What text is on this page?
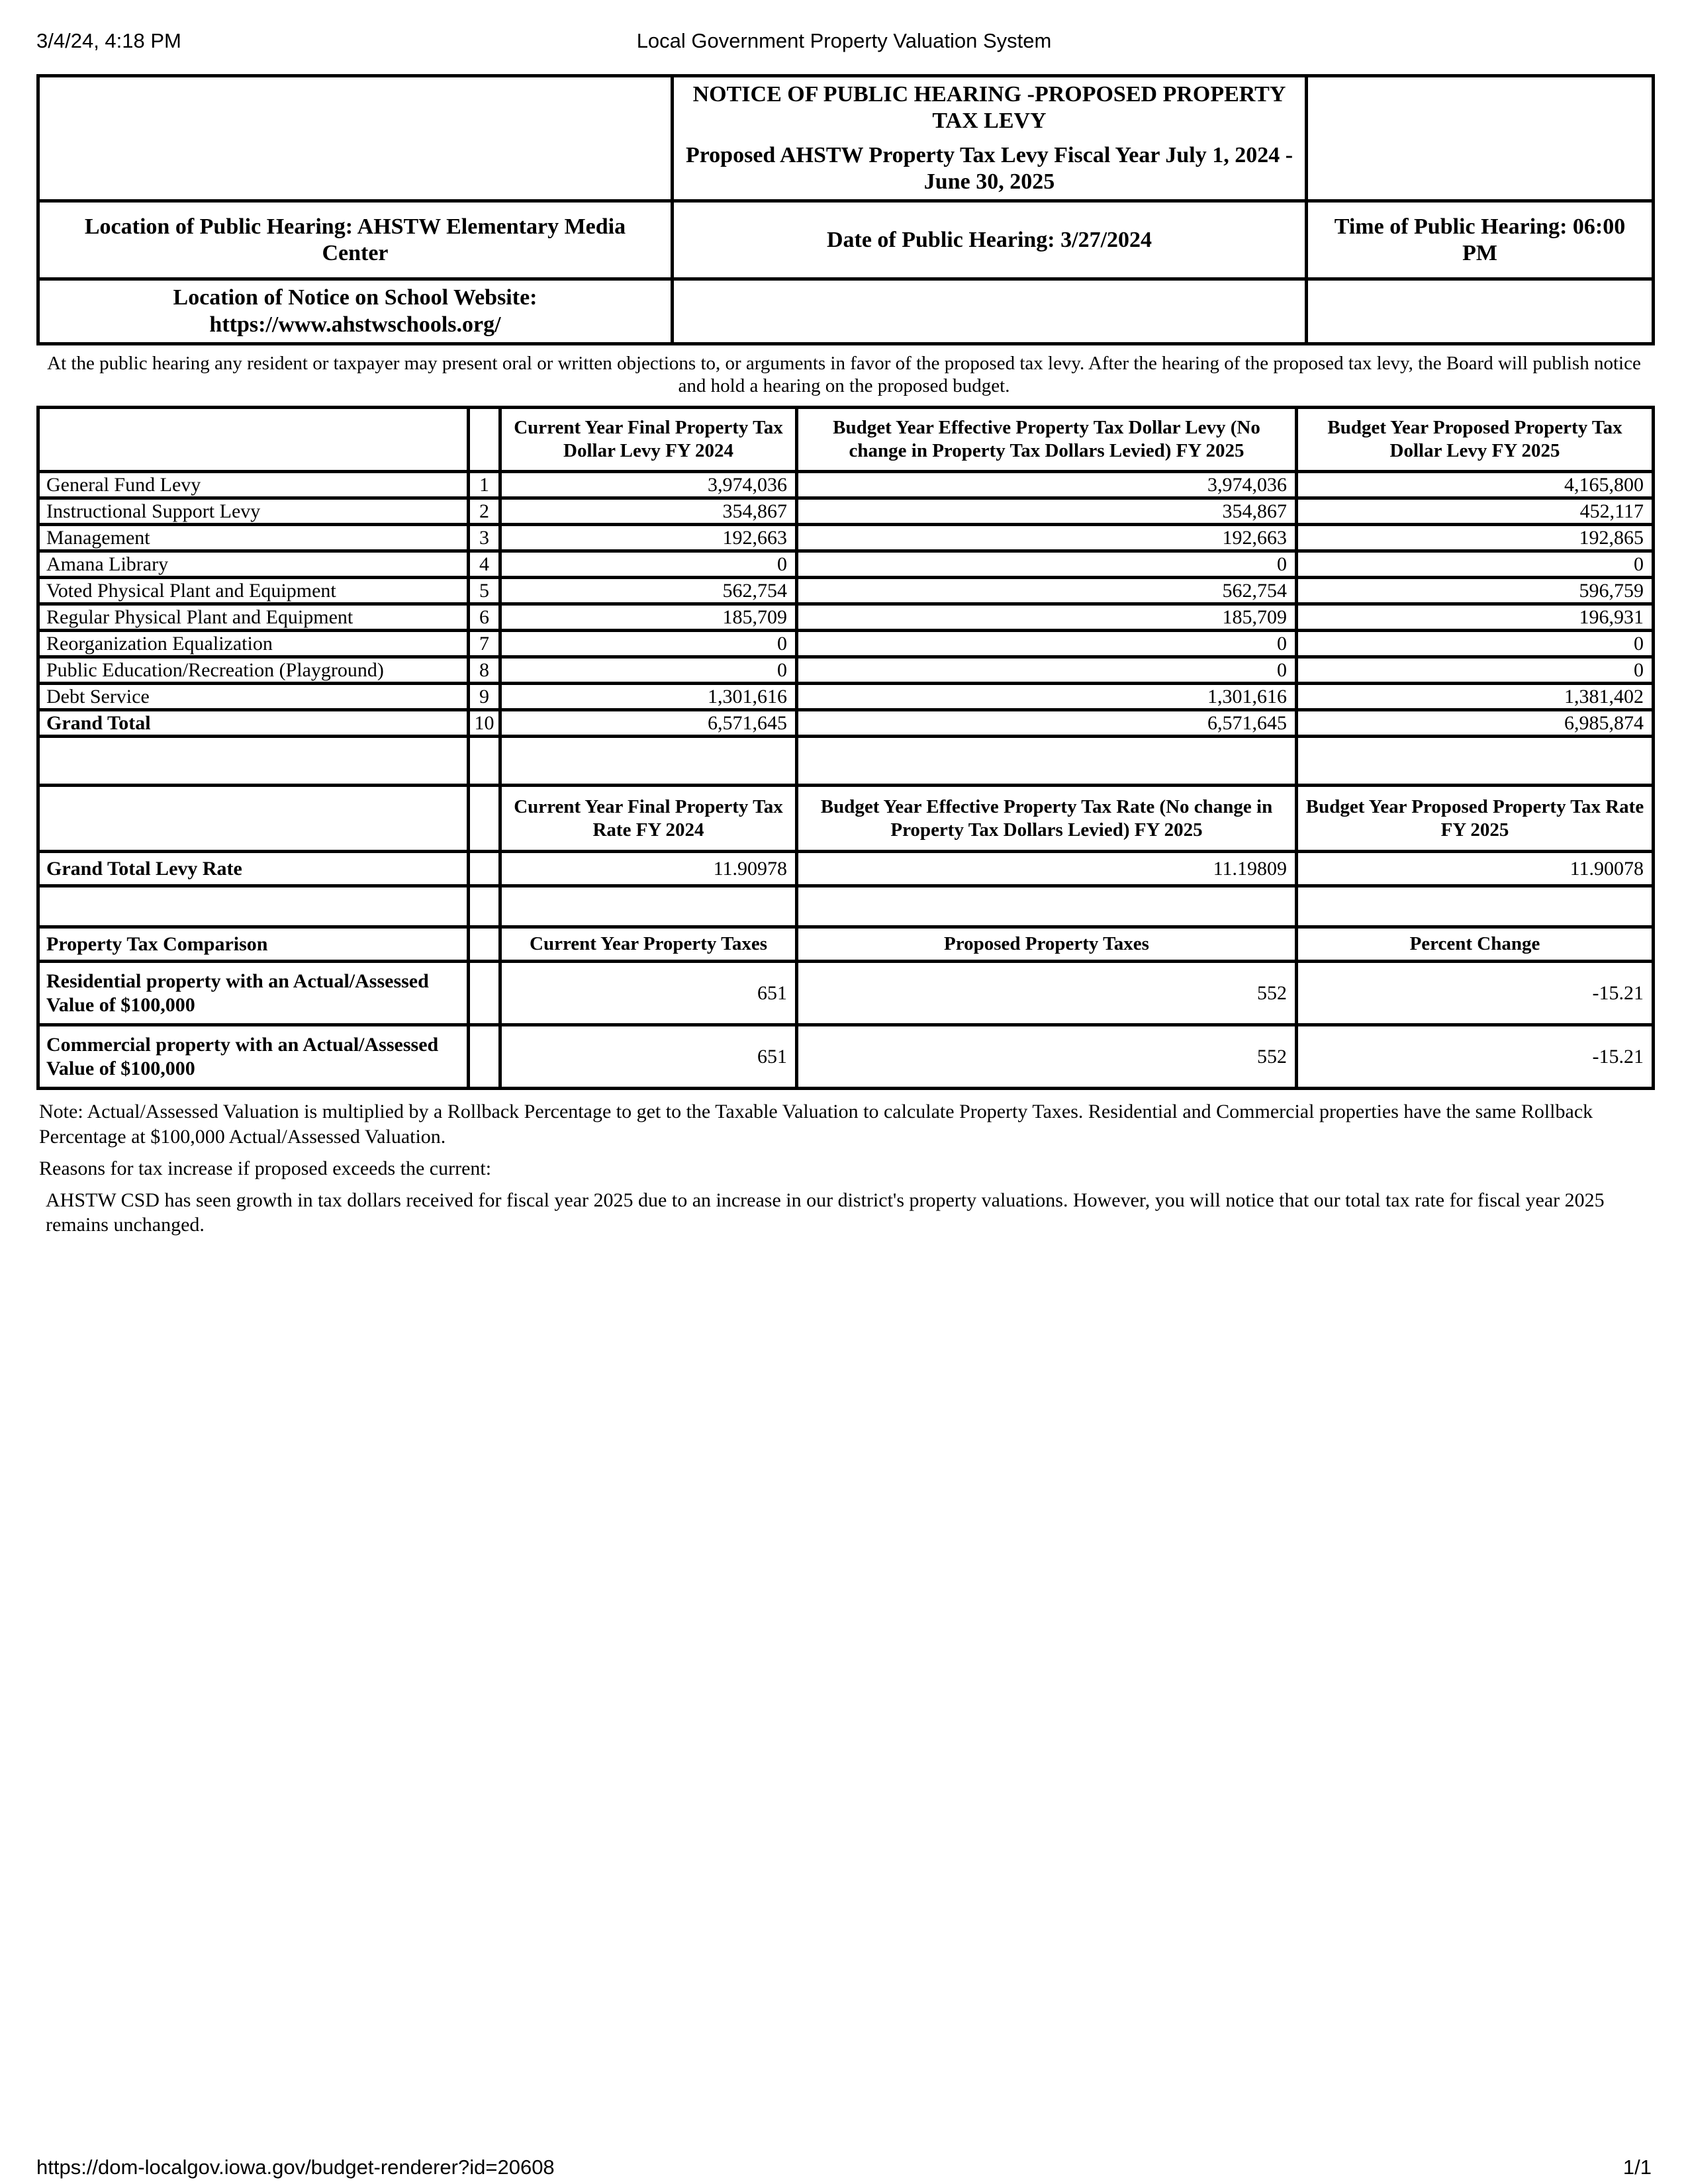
3/4/24, 4:18 PM	Local Government Property Valuation System

	NOTICE OF PUBLIC HEARING -PROPOSED PROPERTY TAX LEVY
Proposed AHSTW Property Tax Levy Fiscal Year July 1, 2024 - June 30, 2025	

Location of Public Hearing: AHSTW Elementary Media Center	Date of Public Hearing: 3/27/2024	Time of Public Hearing: 06:00 PM
Location of Notice on School Website: https://www.ahstwschools.org/		

At the public hearing any resident or taxpayer may present oral or written objections to, or arguments in favor of the proposed tax levy. After the hearing of the proposed tax levy, the Board will publish notice and hold a hearing on the proposed budget.

		Current Year Final Property Tax Dollar Levy FY 2024	Budget Year Effective Property Tax Dollar Levy (No change in Property Tax Dollars Levied) FY 2025	Budget Year Proposed Property Tax Dollar Levy FY 2025
General Fund Levy	1	3,974,036	3,974,036	4,165,800
Instructional Support Levy	2	354,867	354,867	452,117
Management	3	192,663	192,663	192,865
Amana Library	4	0	0	0
Voted Physical Plant and Equipment	5	562,754	562,754	596,759
Regular Physical Plant and Equipment	6	185,709	185,709	196,931
Reorganization Equalization	7	0	0	0
Public Education/Recreation (Playground)	8	0	0	0
Debt Service	9	1,301,616	1,301,616	1,381,402
Grand Total	10	6,571,645	6,571,645	6,985,874

		Current Year Final Property Tax Rate FY 2024	Budget Year Effective Property Tax Rate (No change in Property Tax Dollars Levied) FY 2025	Budget Year Proposed Property Tax Rate FY 2025
Grand Total Levy Rate		11.90978	11.19809	11.90078

Property Tax Comparison		Current Year Property Taxes	Proposed Property Taxes	Percent Change
Residential property with an Actual/Assessed Value of $100,000		651	552	-15.21
Commercial property with an Actual/Assessed Value of $100,000		651	552	-15.21

Note: Actual/Assessed Valuation is multiplied by a Rollback Percentage to get to the Taxable Valuation to calculate Property Taxes. Residential and Commercial properties have the same Rollback Percentage at $100,000 Actual/Assessed Valuation.

Reasons for tax increase if proposed exceeds the current:

AHSTW CSD has seen growth in tax dollars received for fiscal year 2025 due to an increase in our district's property valuations. However, you will notice that our total tax rate for fiscal year 2025 remains unchanged.

https://dom-localgov.iowa.gov/budget-renderer?id=20608	1/1
